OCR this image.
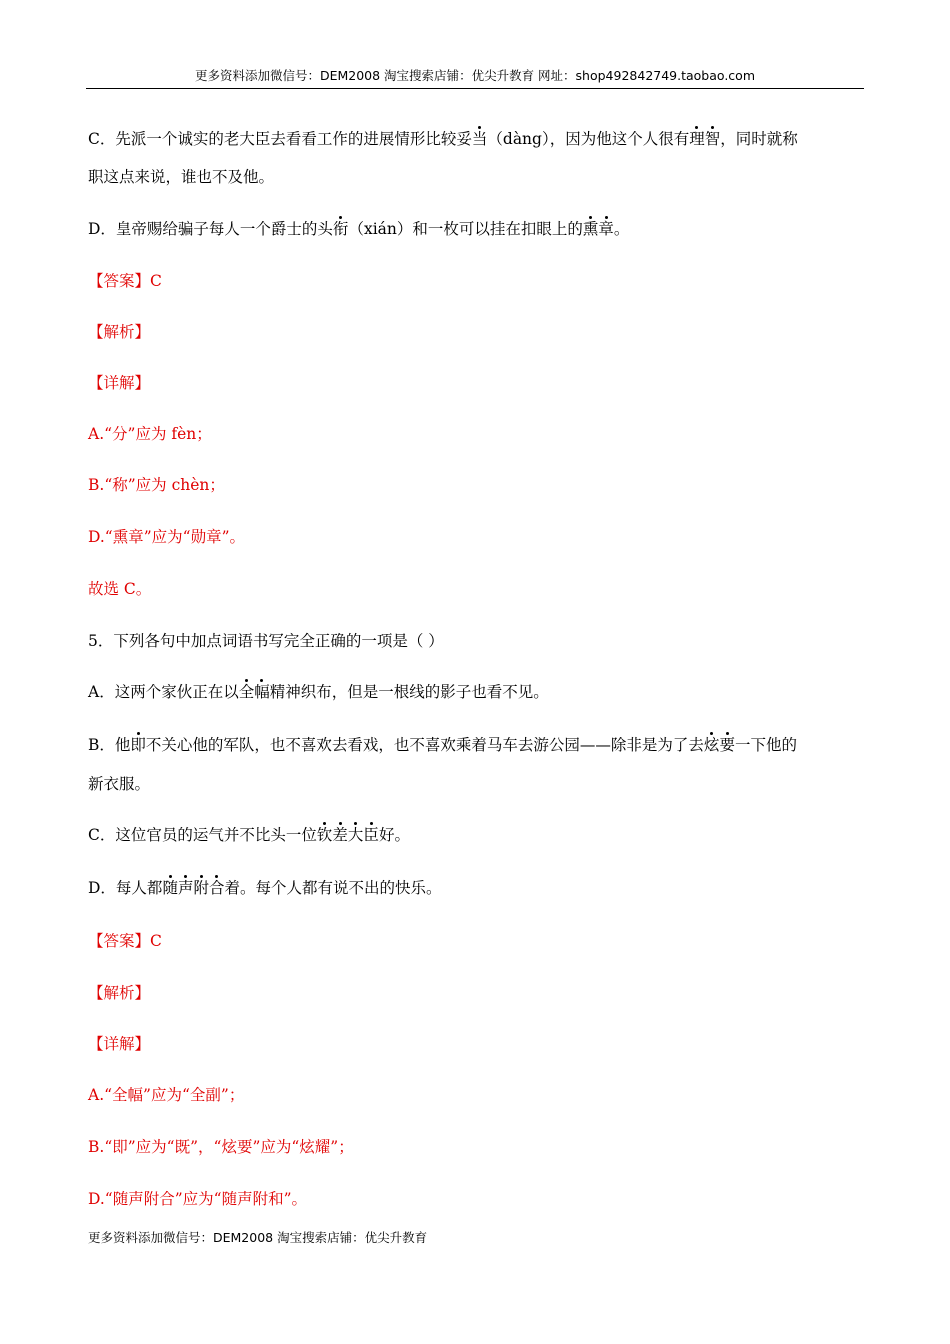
更多资料添加微信号：DEM2008 淘宝搜索店铺：优尖升教育 网址：shop492842749.taobao.com
C．先派一个诚实的老大臣去看看工作的进展情形比较妥当（dàng），因为他这个人很有理智，同时就称
职这点来说，谁也不及他。
D．皇帝赐给骗子每人一个爵士的头衔（xián）和一枚可以挂在扣眼上的熏章。
【答案】C
【解析】
【详解】
A.“分”应为 fèn；
B.“称”应为 chèn；
D.“熏章”应为“勋章”。
故选 C。
5．下列各句中加点词语书写完全正确的一项是（ ）
A．这两个家伙正在以全幅精神织布，但是一根线的影子也看不见。
B．他即不关心他的军队，也不喜欢去看戏，也不喜欢乘着马车去游公园——除非是为了去炫要一下他的
新衣服。
C．这位官员的运气并不比头一位钦差大臣好。
D．每人都随声附合着。每个人都有说不出的快乐。
【答案】C
【解析】
【详解】
A.“全幅”应为“全副”；
B.“即”应为“既”，“炫要”应为“炫耀”；
D.“随声附合”应为“随声附和”。
更多资料添加微信号：DEM2008 淘宝搜索店铺：优尖升教育
